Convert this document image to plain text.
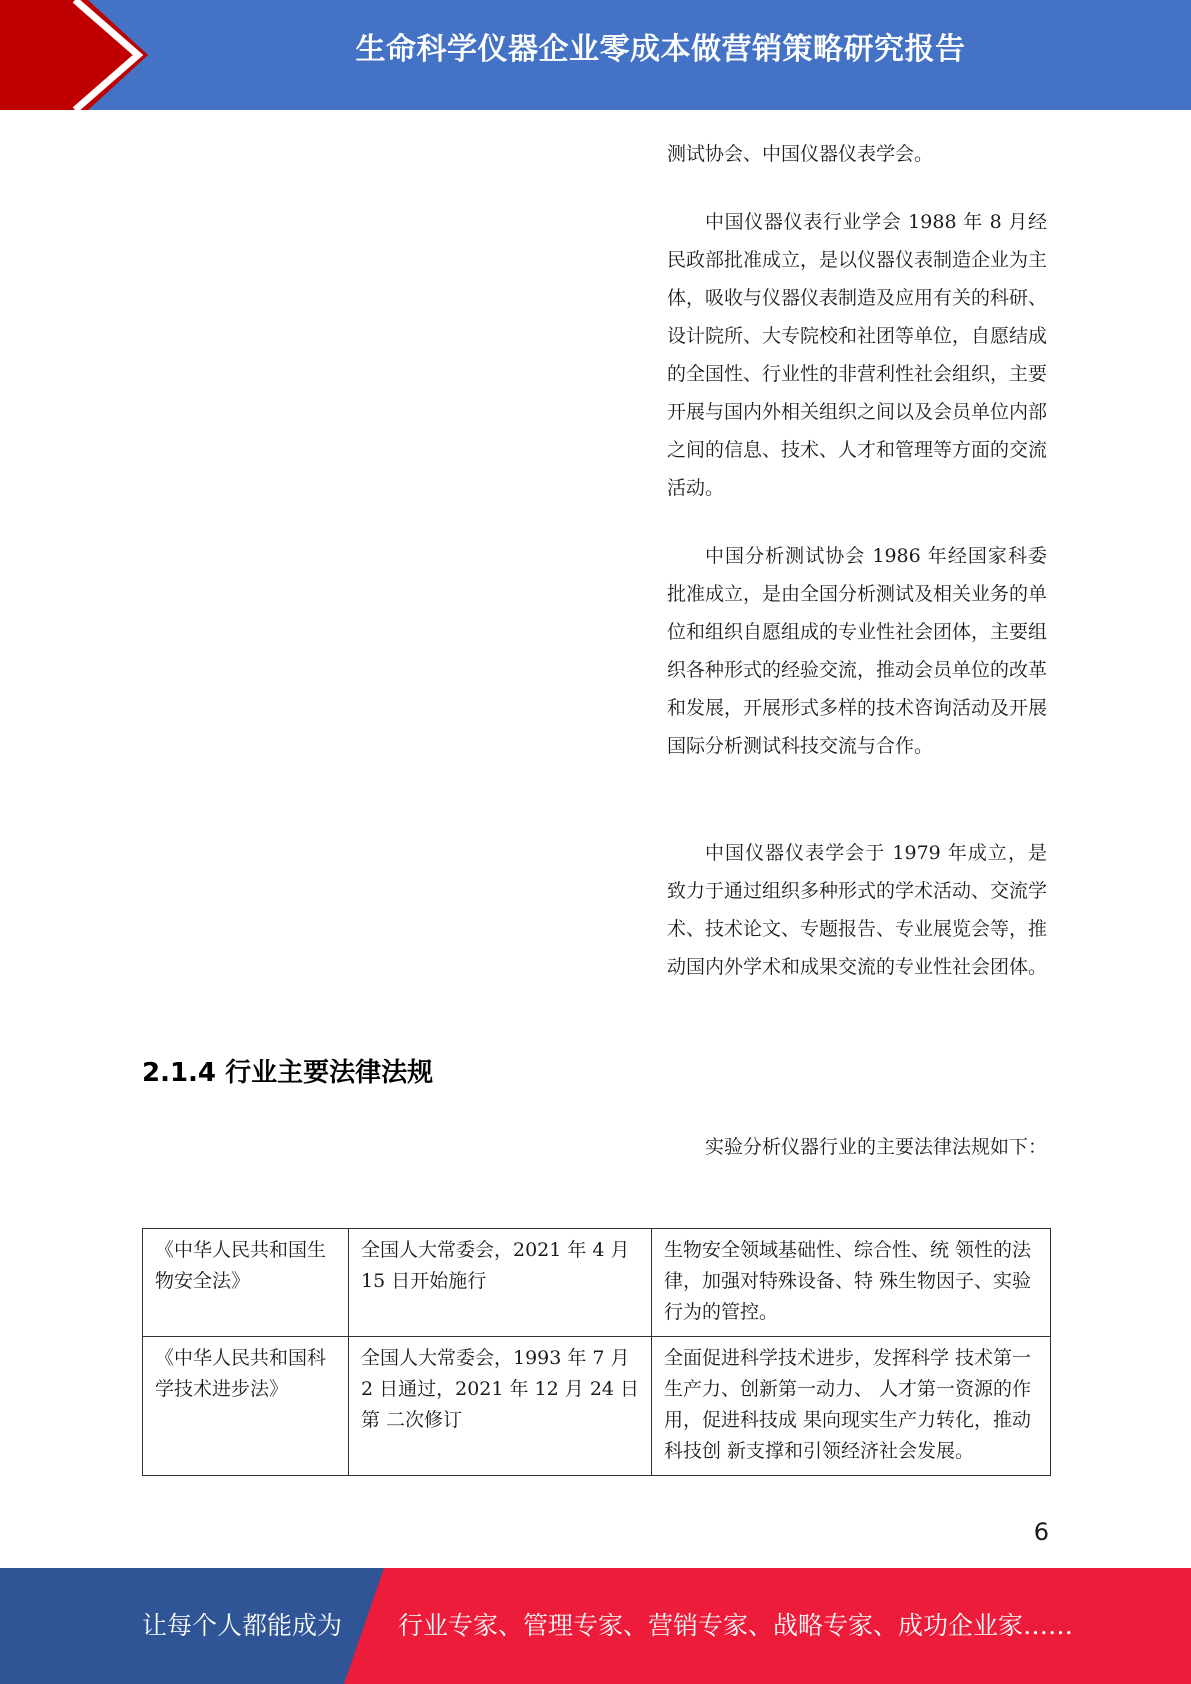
生命科学仪器企业零成本做营销策略研究报告

测试协会、中国仪器仪表学会。

中国仪器仪表行业学会 1988 年 8 月经民政部批准成立，是以仪器仪表制造企业为主体，吸收与仪器仪表制造及应用有关的科研、设计院所、大专院校和社团等单位，自愿结成的全国性、行业性的非营利性社会组织，主要开展与国内外相关组织之间以及会员单位内部之间的信息、技术、人才和管理等方面的交流活动。

中国分析测试协会 1986 年经国家科委批准成立，是由全国分析测试及相关业务的单位和组织自愿组成的专业性社会团体，主要组织各种形式的经验交流，推动会员单位的改革和发展，开展形式多样的技术咨询活动及开展国际分析测试科技交流与合作。

中国仪器仪表学会于 1979 年成立，是致力于通过组织多种形式的学术活动、交流学术、技术论文、专题报告、专业展览会等，推动国内外学术和成果交流的专业性社会团体。

2.1.4 行业主要法律法规

实验分析仪器行业的主要法律法规如下：

《中华人民共和国生 物安全法》	全国人大常委会，2021 年 4 月 15 日开始施行	生物安全领域基础性、综合性、统 领性的法律，加强对特殊设备、特 殊生物因子、实验行为的管控。
《中华人民共和国科 学技术进步法》	全国人大常委会，1993 年 7 月 2 日通过，2021 年 12 月 24 日第 二次修订	全面促进科学技术进步，发挥科学 技术第一生产力、创新第一动力、 人才第一资源的作用，促进科技成 果向现实生产力转化，推动科技创 新支撑和引领经济社会发展。
6
让每个人都能成为 行业专家、管理专家、营销专家、战略专家、成功企业家……
